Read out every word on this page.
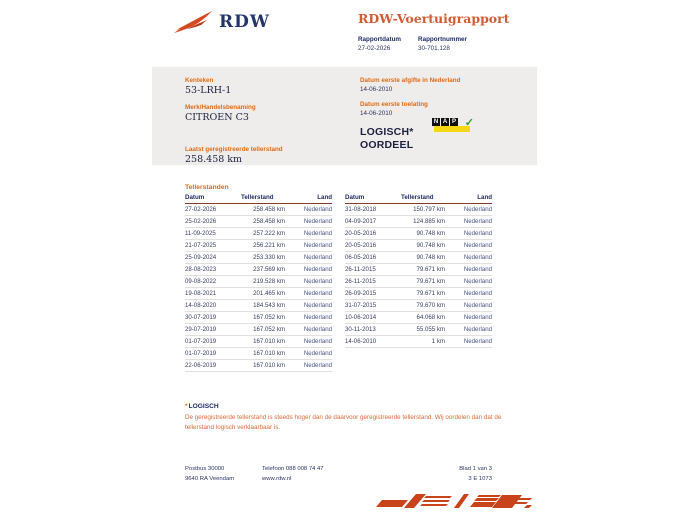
RDW	RDW-Voertuigrapport
Rapportdatum
27-02-2026
Rapportnummer
30-701.128
Kenteken
53-LRH-1
Merk/Handelsbenaming
CITROEN C3
Laatst geregistreerde tellerstand
258.458 km
Datum eerste afgifte in Nederland
14-06-2010
Datum eerste toelating
14-06-2010
LOGISCH*
OORDEEL
N A P ✓
Tellerstanden
Datum	Tellerstand	Land
27-02-2026	258.458 km	Nederland
25-02-2026	258.458 km	Nederland
11-09-2025	257.222 km	Nederland
21-07-2025	256.221 km	Nederland
25-09-2024	253.330 km	Nederland
28-08-2023	237.569 km	Nederland
09-08-2022	219.528 km	Nederland
19-08-2021	201.465 km	Nederland
14-08-2020	184.543 km	Nederland
30-07-2019	167.052 km	Nederland
29-07-2019	167.052 km	Nederland
01-07-2019	167.010 km	Nederland
01-07-2019	167.010 km	Nederland
22-06-2019	167.010 km	Nederland
Datum	Tellerstand	Land
31-08-2018	150.797 km	Nederland
04-09-2017	124.885 km	Nederland
20-05-2016	90.748 km	Nederland
20-05-2016	90.748 km	Nederland
06-05-2016	90.748 km	Nederland
26-11-2015	79.671 km	Nederland
26-11-2015	79.671 km	Nederland
26-09-2015	79.671 km	Nederland
31-07-2015	79.670 km	Nederland
10-06-2014	64.068 km	Nederland
30-11-2013	55.055 km	Nederland
14-06-2010	1 km	Nederland
*LOGISCH
De geregistreerde tellerstand is steeds hoger dan de daarvoor geregistreerde tellerstand. Wij oordelen dan dat de tellerstand logisch verklaarbaar is.
Postbus 30000
9640 RA Veendam
Telefoon 088 008 74 47
www.rdw.nl
Blad 1 van 3
3 E 1073
